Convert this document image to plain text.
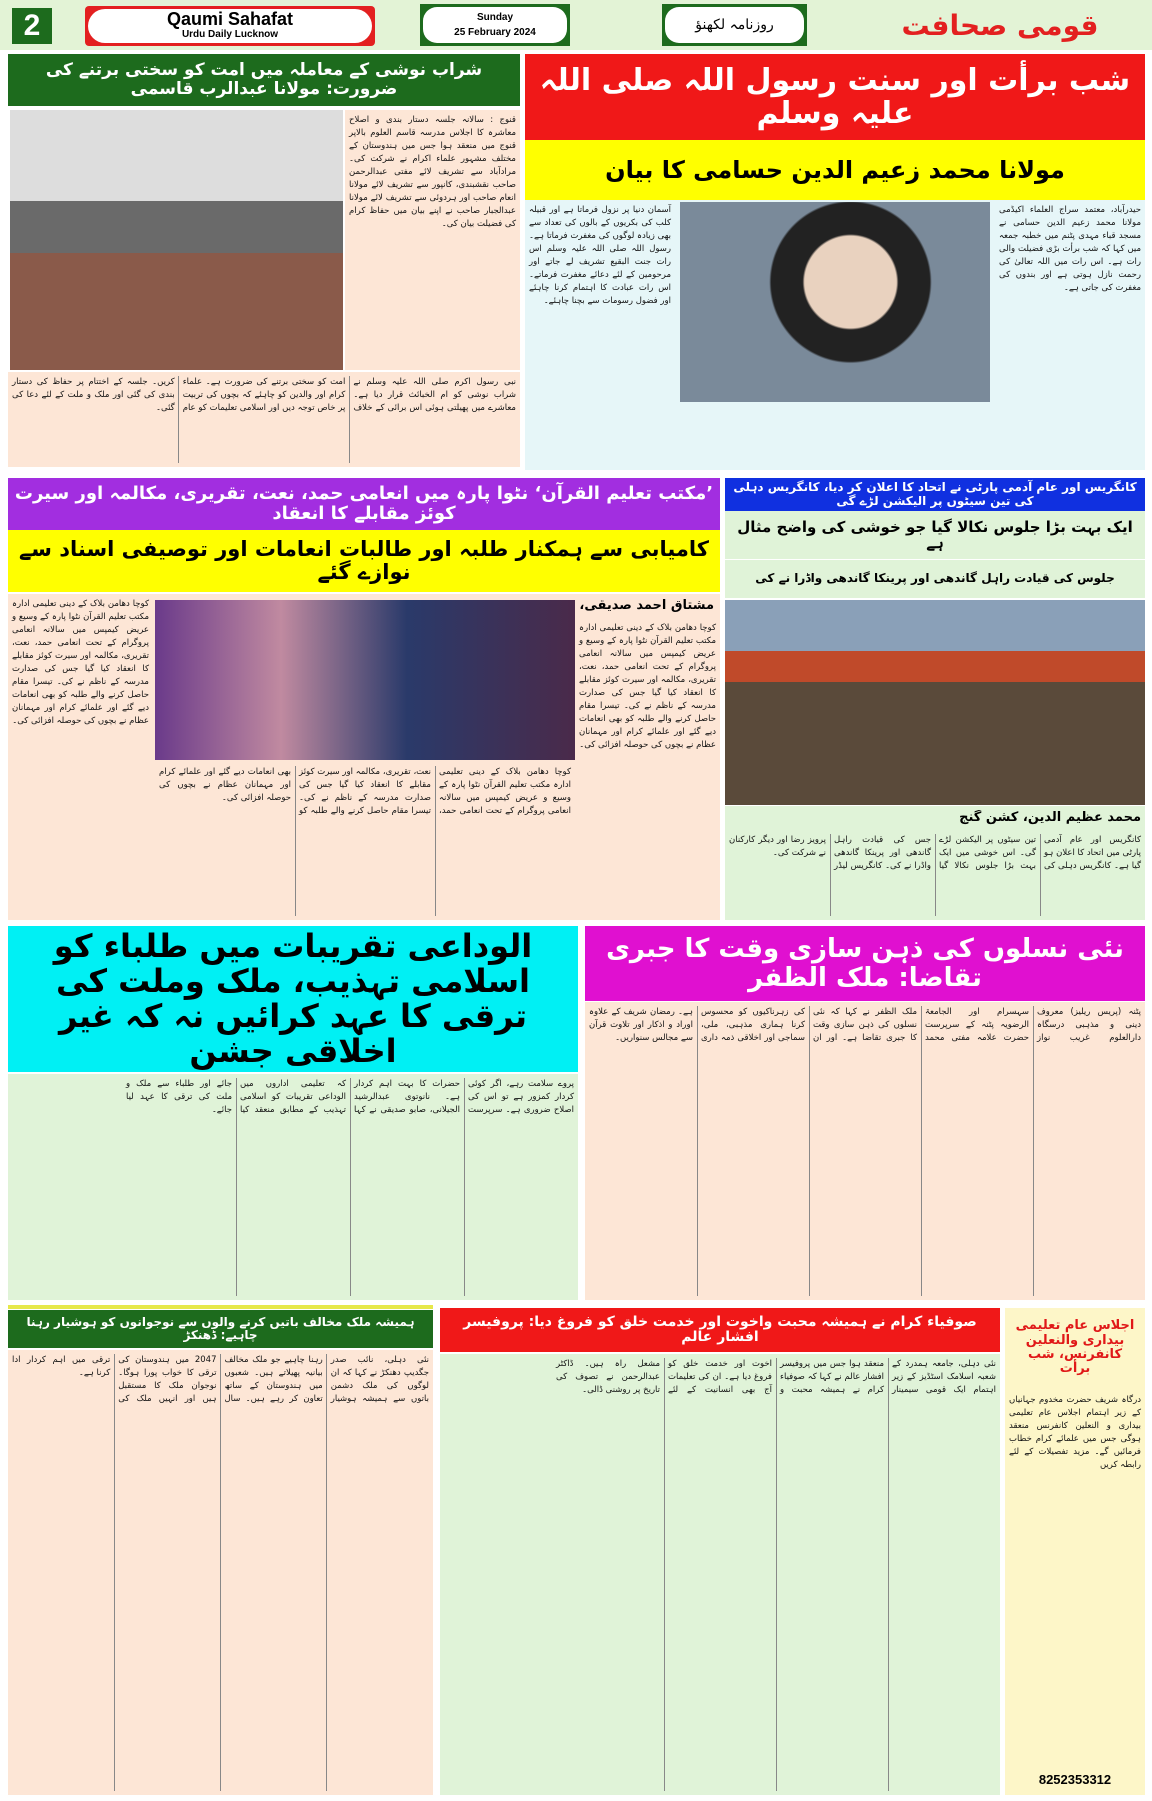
2	Qaumi Sahafat
Urdu Daily Lucknow
Sunday
25 February 2024	روزنامہ لکھنؤ	قومی صحافت
شراب نوشی کے معاملہ میں امت کو سختی برتنے کی ضرورت: مولانا عبدالرب قاسمی
قنوج : سالانہ جلسہ دستار بندی و اصلاح معاشرہ کا اجلاس مدرسہ قاسم العلوم بالاپر قنوج میں منعقد ہوا جس میں ہندوستان کے مختلف مشہور علماء اکرام نے شرکت کی۔ مرادآباد سے تشریف لائے مفتی عبدالرحمن صاحب نقشبندی، کانپور سے تشریف لائے مولانا انعام صاحب اور ہردوئی سے تشریف لائے مولانا عبدالجبار صاحب نے اپنے بیان میں حفاظ کرام کی فضیلت بیان کی۔
نبی رسول اکرم صلی اللہ علیہ وسلم نے شراب نوشی کو ام الخبائث قرار دیا ہے۔ معاشرے میں پھیلتی ہوئی اس برائی کے خلاف امت کو سختی برتنے کی ضرورت ہے۔ علماء کرام اور والدین کو چاہئے کہ بچوں کی تربیت پر خاص توجہ دیں اور اسلامی تعلیمات کو عام کریں۔ جلسہ کے اختتام پر حفاظ کی دستار بندی کی گئی اور ملک و ملت کے لئے دعا کی گئی۔
شب برأت اور سنت رسول اللہ صلی اللہ علیہ وسلم
مولانا محمد زعیم الدین حسامی کا بیان
حیدرآباد، معتمد سراج العلماء اکیڈمی مولانا محمد زعیم الدین حسامی نے مسجد قباء مہدی پٹنم میں خطبہ جمعہ میں کہا کہ شب برأت بڑی فضیلت والی رات ہے۔ اس رات میں اللہ تعالیٰ کی رحمت نازل ہوتی ہے اور بندوں کی مغفرت کی جاتی ہے۔
آسمان دنیا پر نزول فرماتا ہے اور قبیلہ کلب کی بکریوں کے بالوں کی تعداد سے بھی زیادہ لوگوں کی مغفرت فرماتا ہے۔ رسول اللہ صلی اللہ علیہ وسلم اس رات جنت البقیع تشریف لے جاتے اور مرحومین کے لئے دعائے مغفرت فرماتے۔ اس رات عبادت کا اہتمام کرنا چاہئے اور فضول رسومات سے بچنا چاہئے۔
’مکتب تعلیم القرآن‘ نٹوا پارہ میں انعامی حمد، نعت، تقریری، مکالمہ اور سیرت کوئز مقابلے کا انعقاد
کامیابی سے ہمکنار طلبہ اور طالبات انعامات اور توصیفی اسناد سے نوازے گئے
مشتاق احمد صدیقی،
کوچا دھامن بلاک کے دینی تعلیمی ادارہ مکتب تعلیم القرآن نٹوا پارہ کے وسیع و عریض کیمپس میں سالانہ انعامی پروگرام کے تحت انعامی حمد، نعت، تقریری، مکالمہ اور سیرت کوئز مقابلے کا انعقاد کیا گیا جس کی صدارت مدرسہ کے ناظم نے کی۔ تیسرا مقام حاصل کرنے والے طلبہ کو بھی انعامات دیے گئے اور علمائے کرام اور مہمانان عظام نے بچوں کی حوصلہ افزائی کی۔
کوچا دھامن بلاک کے دینی تعلیمی ادارہ مکتب تعلیم القرآن نٹوا پارہ کے وسیع و عریض کیمپس میں سالانہ انعامی پروگرام کے تحت انعامی حمد، نعت، تقریری، مکالمہ اور سیرت کوئز مقابلے کا انعقاد کیا گیا جس کی صدارت مدرسہ کے ناظم نے کی۔ تیسرا مقام حاصل کرنے والے طلبہ کو بھی انعامات دیے گئے اور علمائے کرام اور مہمانان عظام نے بچوں کی حوصلہ افزائی کی۔
کوچا دھامن بلاک کے دینی تعلیمی ادارہ مکتب تعلیم القرآن نٹوا پارہ کے وسیع و عریض کیمپس میں سالانہ انعامی پروگرام کے تحت انعامی حمد، نعت، تقریری، مکالمہ اور سیرت کوئز مقابلے کا انعقاد کیا گیا جس کی صدارت مدرسہ کے ناظم نے کی۔ تیسرا مقام حاصل کرنے والے طلبہ کو بھی انعامات دیے گئے اور علمائے کرام اور مہمانان عظام نے بچوں کی حوصلہ افزائی کی۔
کانگریس اور عام آدمی پارٹی نے اتحاد کا اعلان کر دیا، کانگریس دہلی کی تین سیٹوں پر الیکشن لڑے گی
ایک بہت بڑا جلوس نکالا گیا جو خوشی کی واضح مثال ہے
جلوس کی قیادت راہل گاندھی اور پرینکا گاندھی واڈرا نے کی
محمد عظیم الدین، کشن گنج
کانگریس اور عام آدمی پارٹی میں اتحاد کا اعلان ہو گیا ہے۔ کانگریس دہلی کی تین سیٹوں پر الیکشن لڑے گی۔ اس خوشی میں ایک بہت بڑا جلوس نکالا گیا جس کی قیادت راہل گاندھی اور پرینکا گاندھی واڈرا نے کی۔ کانگریس لیڈر پرویز رضا اور دیگر کارکنان نے شرکت کی۔
الوداعی تقریبات میں طلباء کو اسلامی تہذیب، ملک وملت کی ترقی کا عہد کرائیں نہ کہ غیر اخلاقی جشن
پروے سلامت رہے، اگر کوئی کردار کمزور ہے تو اس کی اصلاح ضروری ہے۔ سرپرست حضرات کا بہت اہم کردار ہے۔ نانوتوی عبدالرشید الجیلانی، صابو صدیقی نے کہا کہ تعلیمی اداروں میں الوداعی تقریبات کو اسلامی تہذیب کے مطابق منعقد کیا جائے اور طلباء سے ملک و ملت کی ترقی کا عہد لیا جائے۔
نئی نسلوں کی ذہن سازی وقت کا جبری تقاضا: ملک الظفر
پٹنہ (پریس ریلیز) معروف دینی و مذہبی درسگاہ دارالعلوم غریب نواز سہسرام اور الجامعۃ الرضویہ پٹنہ کے سرپرست حضرت علامہ مفتی محمد ملک الظفر نے کہا کہ نئی نسلوں کی ذہن سازی وقت کا جبری تقاضا ہے۔ اور ان کی زہرناکیوں کو محسوس کرنا ہماری مذہبی، ملی، سماجی اور اخلاقی ذمہ داری ہے۔ رمضان شریف کے علاوہ اوراد و اذکار اور تلاوت قرآن سے مجالس سنواریں۔
ہمیشہ ملک مخالف باتیں کرنے والوں سے نوجوانوں کو ہوشیار رہنا چاہیے: ڈھنکڑ
نئی دہلی، نائب صدر جگدیپ دھنکڑ نے کہا کہ ان لوگوں کی ملک دشمن باتوں سے ہمیشہ ہوشیار رہنا چاہیے جو ملک مخالف بیانیہ پھیلاتے ہیں۔ شعبوں میں ہندوستان کے ساتھ تعاون کر رہے ہیں۔ سال 2047 میں ہندوستان کی ترقی کا خواب پورا ہوگا۔ نوجوان ملک کا مستقبل ہیں اور انہیں ملک کی ترقی میں اہم کردار ادا کرنا ہے۔
صوفیاء کرام نے ہمیشہ محبت واخوت اور خدمت خلق کو فروغ دیا: پروفیسر افشار عالم
نئی دہلی، جامعہ ہمدرد کے شعبہ اسلامک اسٹڈیز کے زیر اہتمام ایک قومی سیمینار منعقد ہوا جس میں پروفیسر افشار عالم نے کہا کہ صوفیاء کرام نے ہمیشہ محبت و اخوت اور خدمت خلق کو فروغ دیا ہے۔ ان کی تعلیمات آج بھی انسانیت کے لئے مشعل راہ ہیں۔ ڈاکٹر عبدالرحمن نے تصوف کی تاریخ پر روشنی ڈالی۔
اجلاس عام تعلیمی بیداری والنعلین کانفرنس، شب برأت
درگاہ شریف حضرت مخدوم جہانیاں کے زیر اہتمام اجلاس عام تعلیمی بیداری و النعلین کانفرنس منعقد ہوگی جس میں علمائے کرام خطاب فرمائیں گے۔ مزید تفصیلات کے لئے رابطہ کریں
8252353312
